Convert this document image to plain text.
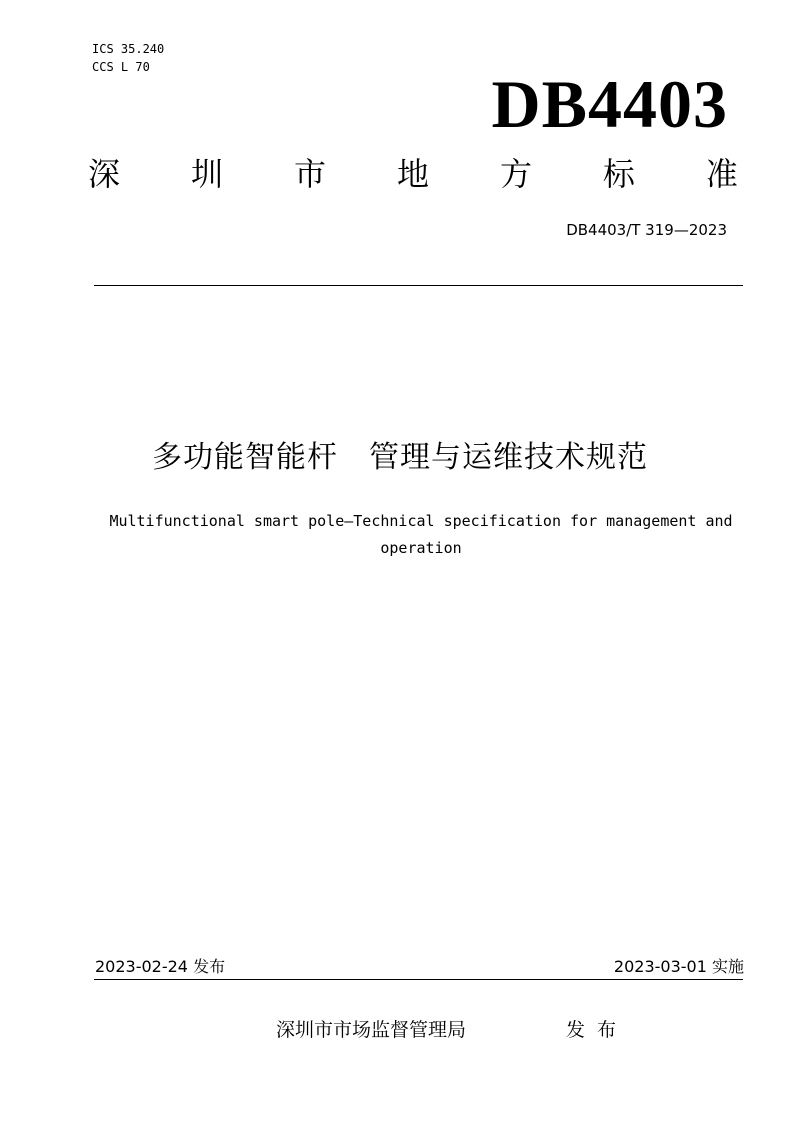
ICS 35.240
CCS L 70	DB4403
深 圳 市 地 方 标 准
DB4403/T 319—2023
多功能智能杆　管理与运维技术规范
Multifunctional smart pole—Technical specification for management and operation
2023-02-24 发布	2023-03-01 实施
深圳市市场监督管理局	发布
